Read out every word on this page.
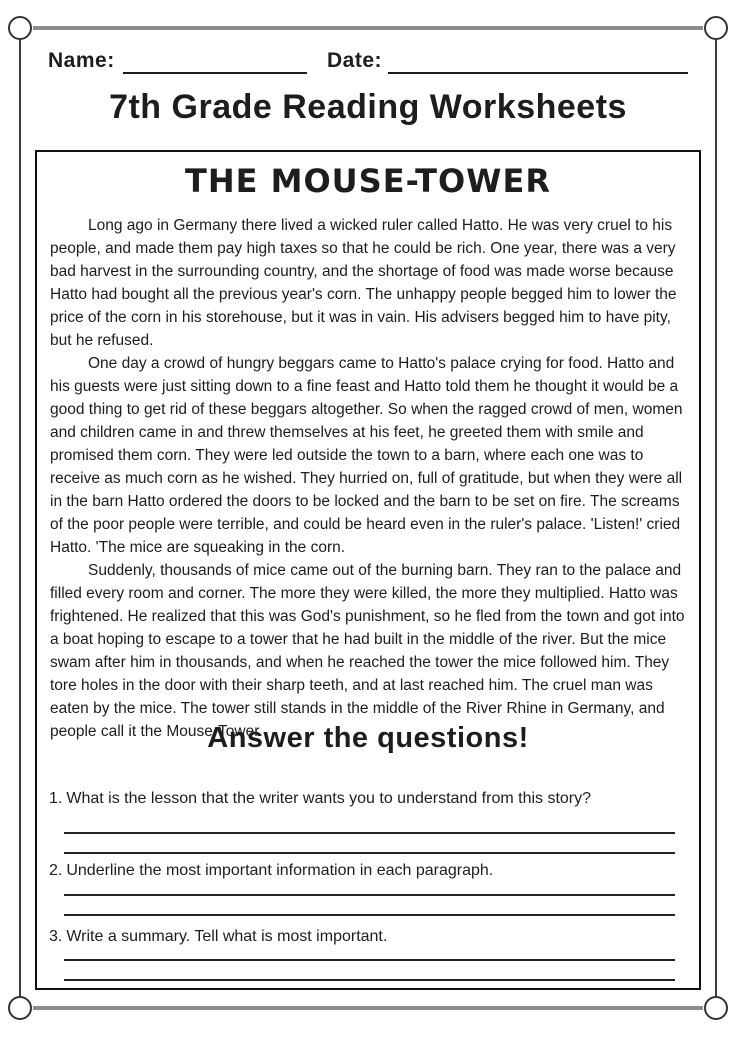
Name:	Date:
7th Grade Reading Worksheets
THE MOUSE-TOWER

Long ago in Germany there lived a wicked ruler called Hatto. He was very cruel to his people, and made them pay high taxes so that he could be rich. One year, there was a very bad harvest in the surrounding country, and the shortage of food was made worse because Hatto had bought all the previous year's corn. The unhappy people begged him to lower the price of the corn in his storehouse, but it was in vain. His advisers begged him to have pity, but he refused.

One day a crowd of hungry beggars came to Hatto's palace crying for food. Hatto and his guests were just sitting down to a fine feast and Hatto told them he thought it would be a good thing to get rid of these beggars altogether. So when the ragged crowd of men, women and children came in and threw themselves at his feet, he greeted them with smile and promised them corn. They were led outside the town to a barn, where each one was to receive as much corn as he wished. They hurried on, full of gratitude, but when they were all in the barn Hatto ordered the doors to be locked and the barn to be set on fire. The screams of the poor people were terrible, and could be heard even in the ruler's palace. 'Listen!' cried Hatto. 'The mice are squeaking in the corn.

Suddenly, thousands of mice came out of the burning barn. They ran to the palace and filled every room and corner. The more they were killed, the more they multiplied. Hatto was frightened. He realized that this was God's punishment, so he fled from the town and got into a boat hoping to escape to a tower that he had built in the middle of the river. But the mice swam after him in thousands, and when he reached the tower the mice followed him. They tore holes in the door with their sharp teeth, and at last reached him. The cruel man was eaten by the mice. The tower still stands in the middle of the River Rhine in Germany, and people call it the Mouse-Tower.

Answer the questions!
1. What is the lesson that the writer wants you to understand from this story?
2. Underline the most important information in each paragraph.
3. Write a summary. Tell what is most important.
